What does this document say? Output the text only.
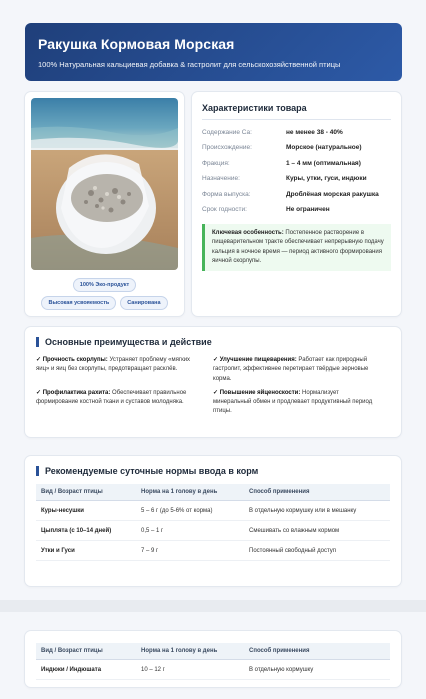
Ракушка Кормовая Морская

100% Натуральная кальциевая добавка & гастролит для сельскохозяйственной птицы

100% Эко-продукт
Высокая усвояемость	Санирована
Характеристики товара
Содержание Ca:	не менее 38 - 40%
Происхождение:	Морское (натуральное)
Фракция:	1 – 4 мм (оптимальная)
Назначение:	Куры, утки, гуси, индюки
Форма выпуска:	Дроблёная морская ракушка
Срок годности:	Не ограничен
Ключевая особенность: Постепенное растворение в пищеварительном тракте обеспечивает непрерывную подачу кальция в ночное время — период активного формирования яичной скорлупы.
Основные преимущества и действие
✓ Прочность скорлупы: Устраняет проблему «мягких яиц» и яиц без скорлупы, предотвращает расклёв.
✓ Улучшение пищеварения: Работает как природный гастролит, эффективнее перетирает твёрдые зерновые корма.
✓ Профилактика рахита: Обеспечивает правильное формирование костной ткани и суставов молодняка.
✓ Повышение яйценоскости: Нормализует минеральный обмен и продлевает продуктивный период птицы.
Рекомендуемые суточные нормы ввода в корм
Вид / Возраст птицы	Норма на 1 голову в день	Способ применения
Куры-несушки	5 – 6 г (до 5-6% от корма)	В отдельную кормушку или в мешанку
Цыплята (с 10–14 дней)	0,5 – 1 г	Смешивать со влажным кормом
Утки и Гуси	7 – 9 г	Постоянный свободный доступ
Вид / Возраст птицы	Норма на 1 голову в день	Способ применения
Индюки / Индюшата	10 – 12 г	В отдельную кормушку
